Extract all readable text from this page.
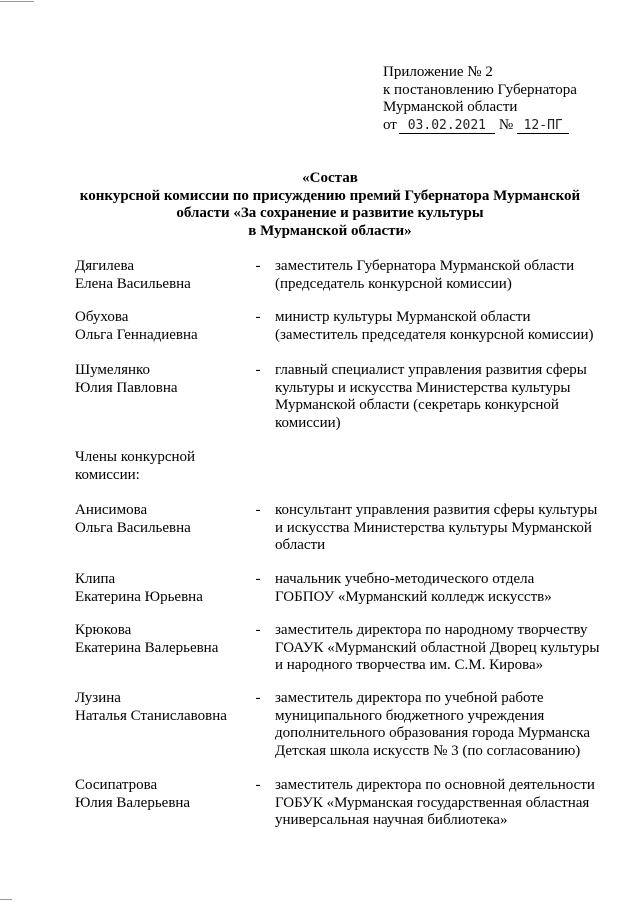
Приложение № 2
к постановлению Губернатора
Мурманской области
от 03.02.2021 № 12-ПГ
«Состав
конкурсной комиссии по присуждению премий Губернатора Мурманской
области «За сохранение и развитие культуры
в Мурманской области»
Дягилева
Елена Васильевна
- заместитель Губернатора Мурманской области
(председатель конкурсной комиссии)
Обухова
Ольга Геннадиевна
- министр культуры Мурманской области
(заместитель председателя конкурсной комиссии)
Шумелянко
Юлия Павловна
- главный специалист управления развития сферы
культуры и искусства Министерства культуры
Мурманской области (секретарь конкурсной
комиссии)
Члены конкурсной
комиссии:
Анисимова
Ольга Васильевна
- консультант управления развития сферы культуры
и искусства Министерства культуры Мурманской
области
Клипа
Екатерина Юрьевна
- начальник учебно-методического отдела
ГОБПОУ «Мурманский колледж искусств»
Крюкова
Екатерина Валерьевна
- заместитель директора по народному творчеству
ГОАУК «Мурманский областной Дворец культуры
и народного творчества им. С.М. Кирова»
Лузина
Наталья Станиславовна
- заместитель директора по учебной работе
муниципального бюджетного учреждения
дополнительного образования города Мурманска
Детская школа искусств № 3 (по согласованию)
Сосипатрова
Юлия Валерьевна
- заместитель директора по основной деятельности
ГОБУК «Мурманская государственная областная
универсальная научная библиотека»
